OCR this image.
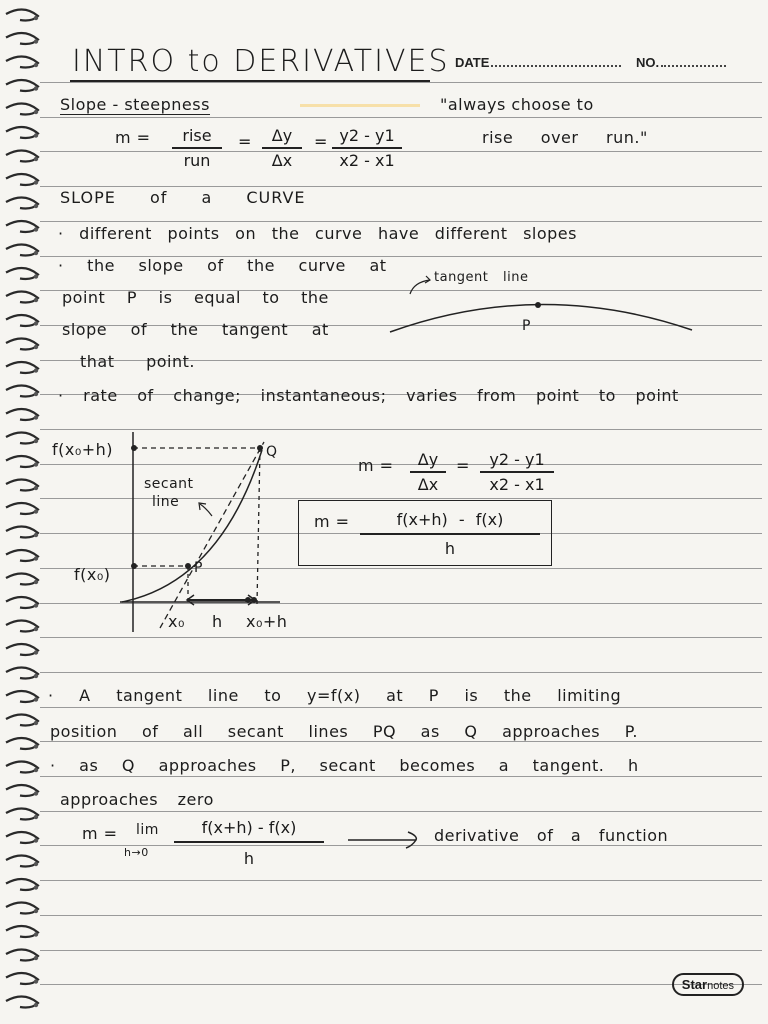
INTRO to DERIVATIVES DATE	NO.
Slope - steepness	"always choose to
m =	rise
run
=	Δy
Δx
= y2 - y1
x2 - x1
rise over run."
SLOPE of a CURVE
· different points on the curve have different slopes
· the slope of the curve at
point P is equal to the
slope of the tangent at
that point.
tangent line
P
· rate of change; instantaneous; varies from point to point
f(x₀+h)
f(x₀)
Q
P
secant
line
x₀ h x₀+h
m =	Δy
Δx
=	y2 - y1
x2 - x1
m =	f(x+h) - f(x)
h
· A tangent line to y=f(x) at P is the limiting
position of all secant lines PQ as Q approaches P.
· as Q approaches P, secant becomes a tangent. h
approaches zero
m = lim
h→0
f(x+h) - f(x)
h
derivative of a function
Starnotes
